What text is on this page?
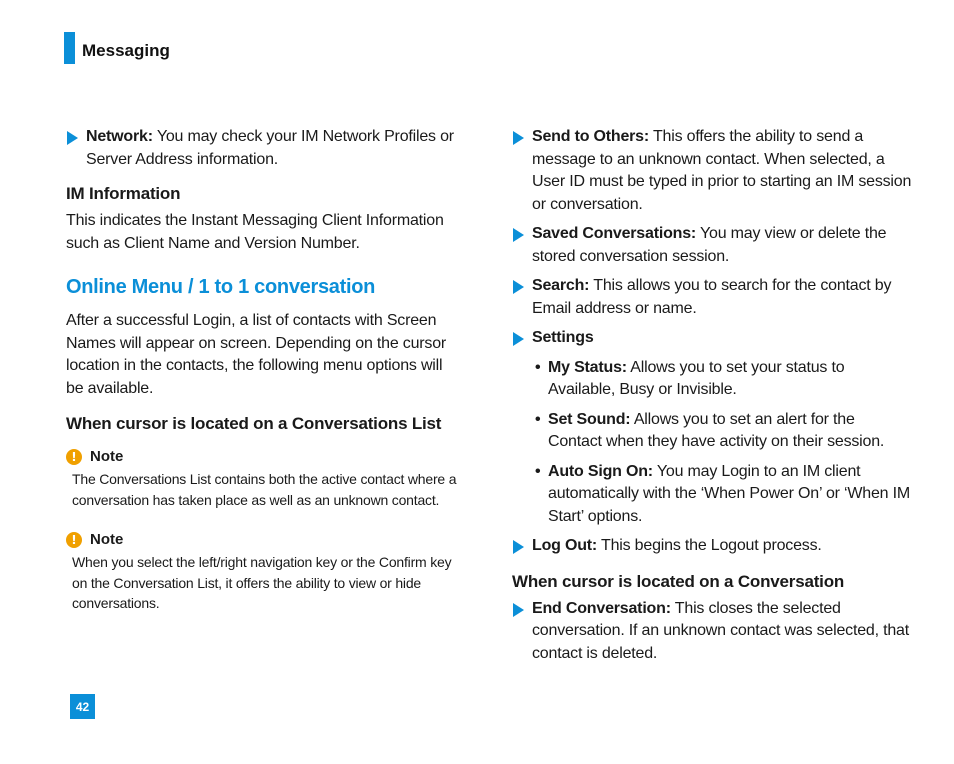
Messaging
Network: You may check your IM Network Profiles or Server Address information.
IM Information

This indicates the Instant Messaging Client Information such as Client Name and Version Number.

Online Menu / 1 to 1 conversation

After a successful Login, a list of contacts with Screen Names will appear on screen. Depending on the cursor location in the contacts, the following menu options will be available.

When cursor is located on a Conversations List
! Note
The Conversations List contains both the active contact where a conversation has taken place as well as an unknown contact.
! Note
When you select the left/right navigation key or the Confirm key on the Conversation List, it offers the ability to view or hide conversations.
Send to Others: This offers the ability to send a message to an unknown contact. When selected, a User ID must be typed in prior to starting an IM session or conversation.
Saved Conversations: You may view or delete the stored conversation session.
Search: This allows you to search for the contact by Email address or name.
Settings
• My Status: Allows you to set your status to Available, Busy or Invisible.
• Set Sound: Allows you to set an alert for the Contact when they have activity on their session.
• Auto Sign On: You may Login to an IM client automatically with the ‘When Power On’ or ‘When IM Start’ options.
Log Out: This begins the Logout process.
When cursor is located on a Conversation
End Conversation: This closes the selected conversation. If an unknown contact was selected, that contact is deleted.
42
